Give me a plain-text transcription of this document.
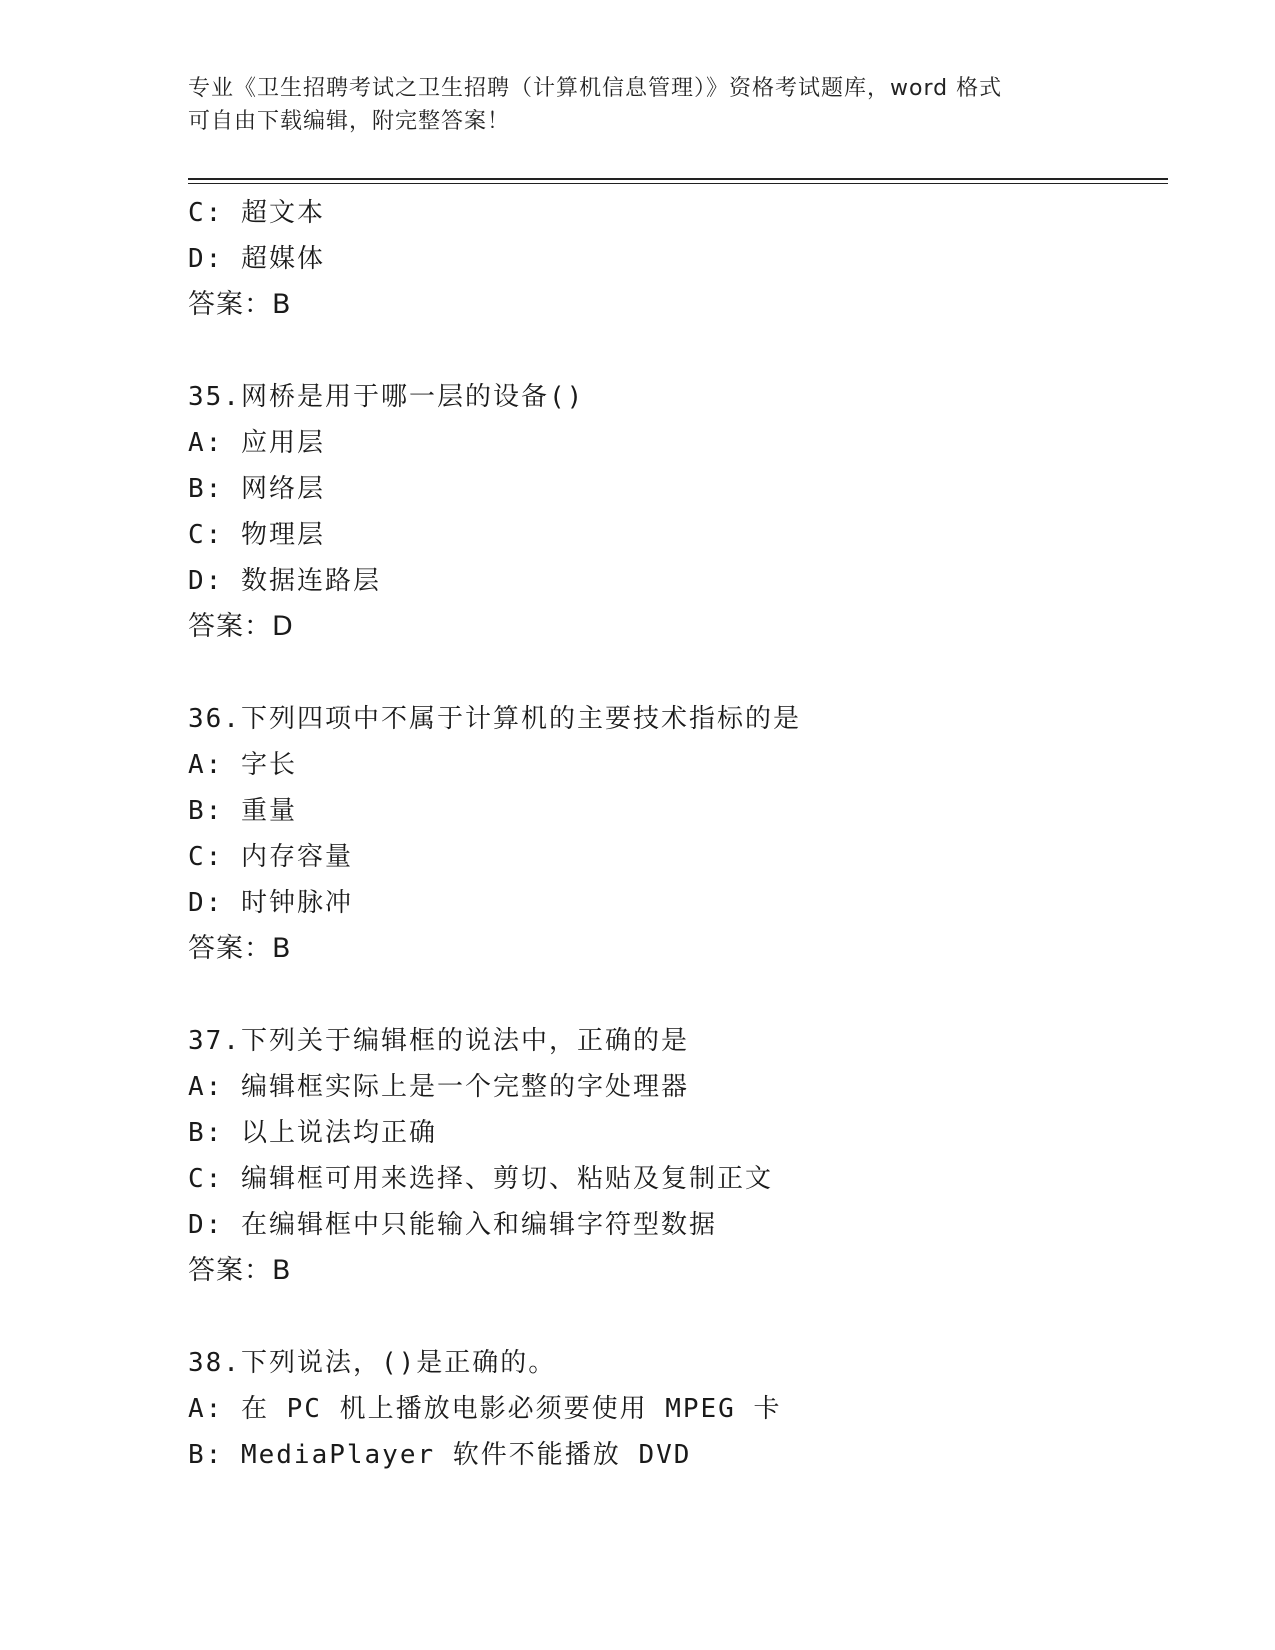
专业《卫生招聘考试之卫生招聘（计算机信息管理）》资格考试题库，word 格式
可自由下载编辑，附完整答案！
C: 超文本
D: 超媒体
答案：B
35.网桥是用于哪一层的设备()
A: 应用层
B: 网络层
C: 物理层
D: 数据连路层
答案：D
36.下列四项中不属于计算机的主要技术指标的是
A: 字长
B: 重量
C: 内存容量
D: 时钟脉冲
答案：B
37.下列关于编辑框的说法中，正确的是
A: 编辑框实际上是一个完整的字处理器
B: 以上说法均正确
C: 编辑框可用来选择、剪切、粘贴及复制正文
D: 在编辑框中只能输入和编辑字符型数据
答案：B
38.下列说法，()是正确的。
A: 在 PC 机上播放电影必须要使用 MPEG 卡
B: MediaPlayer 软件不能播放 DVD
